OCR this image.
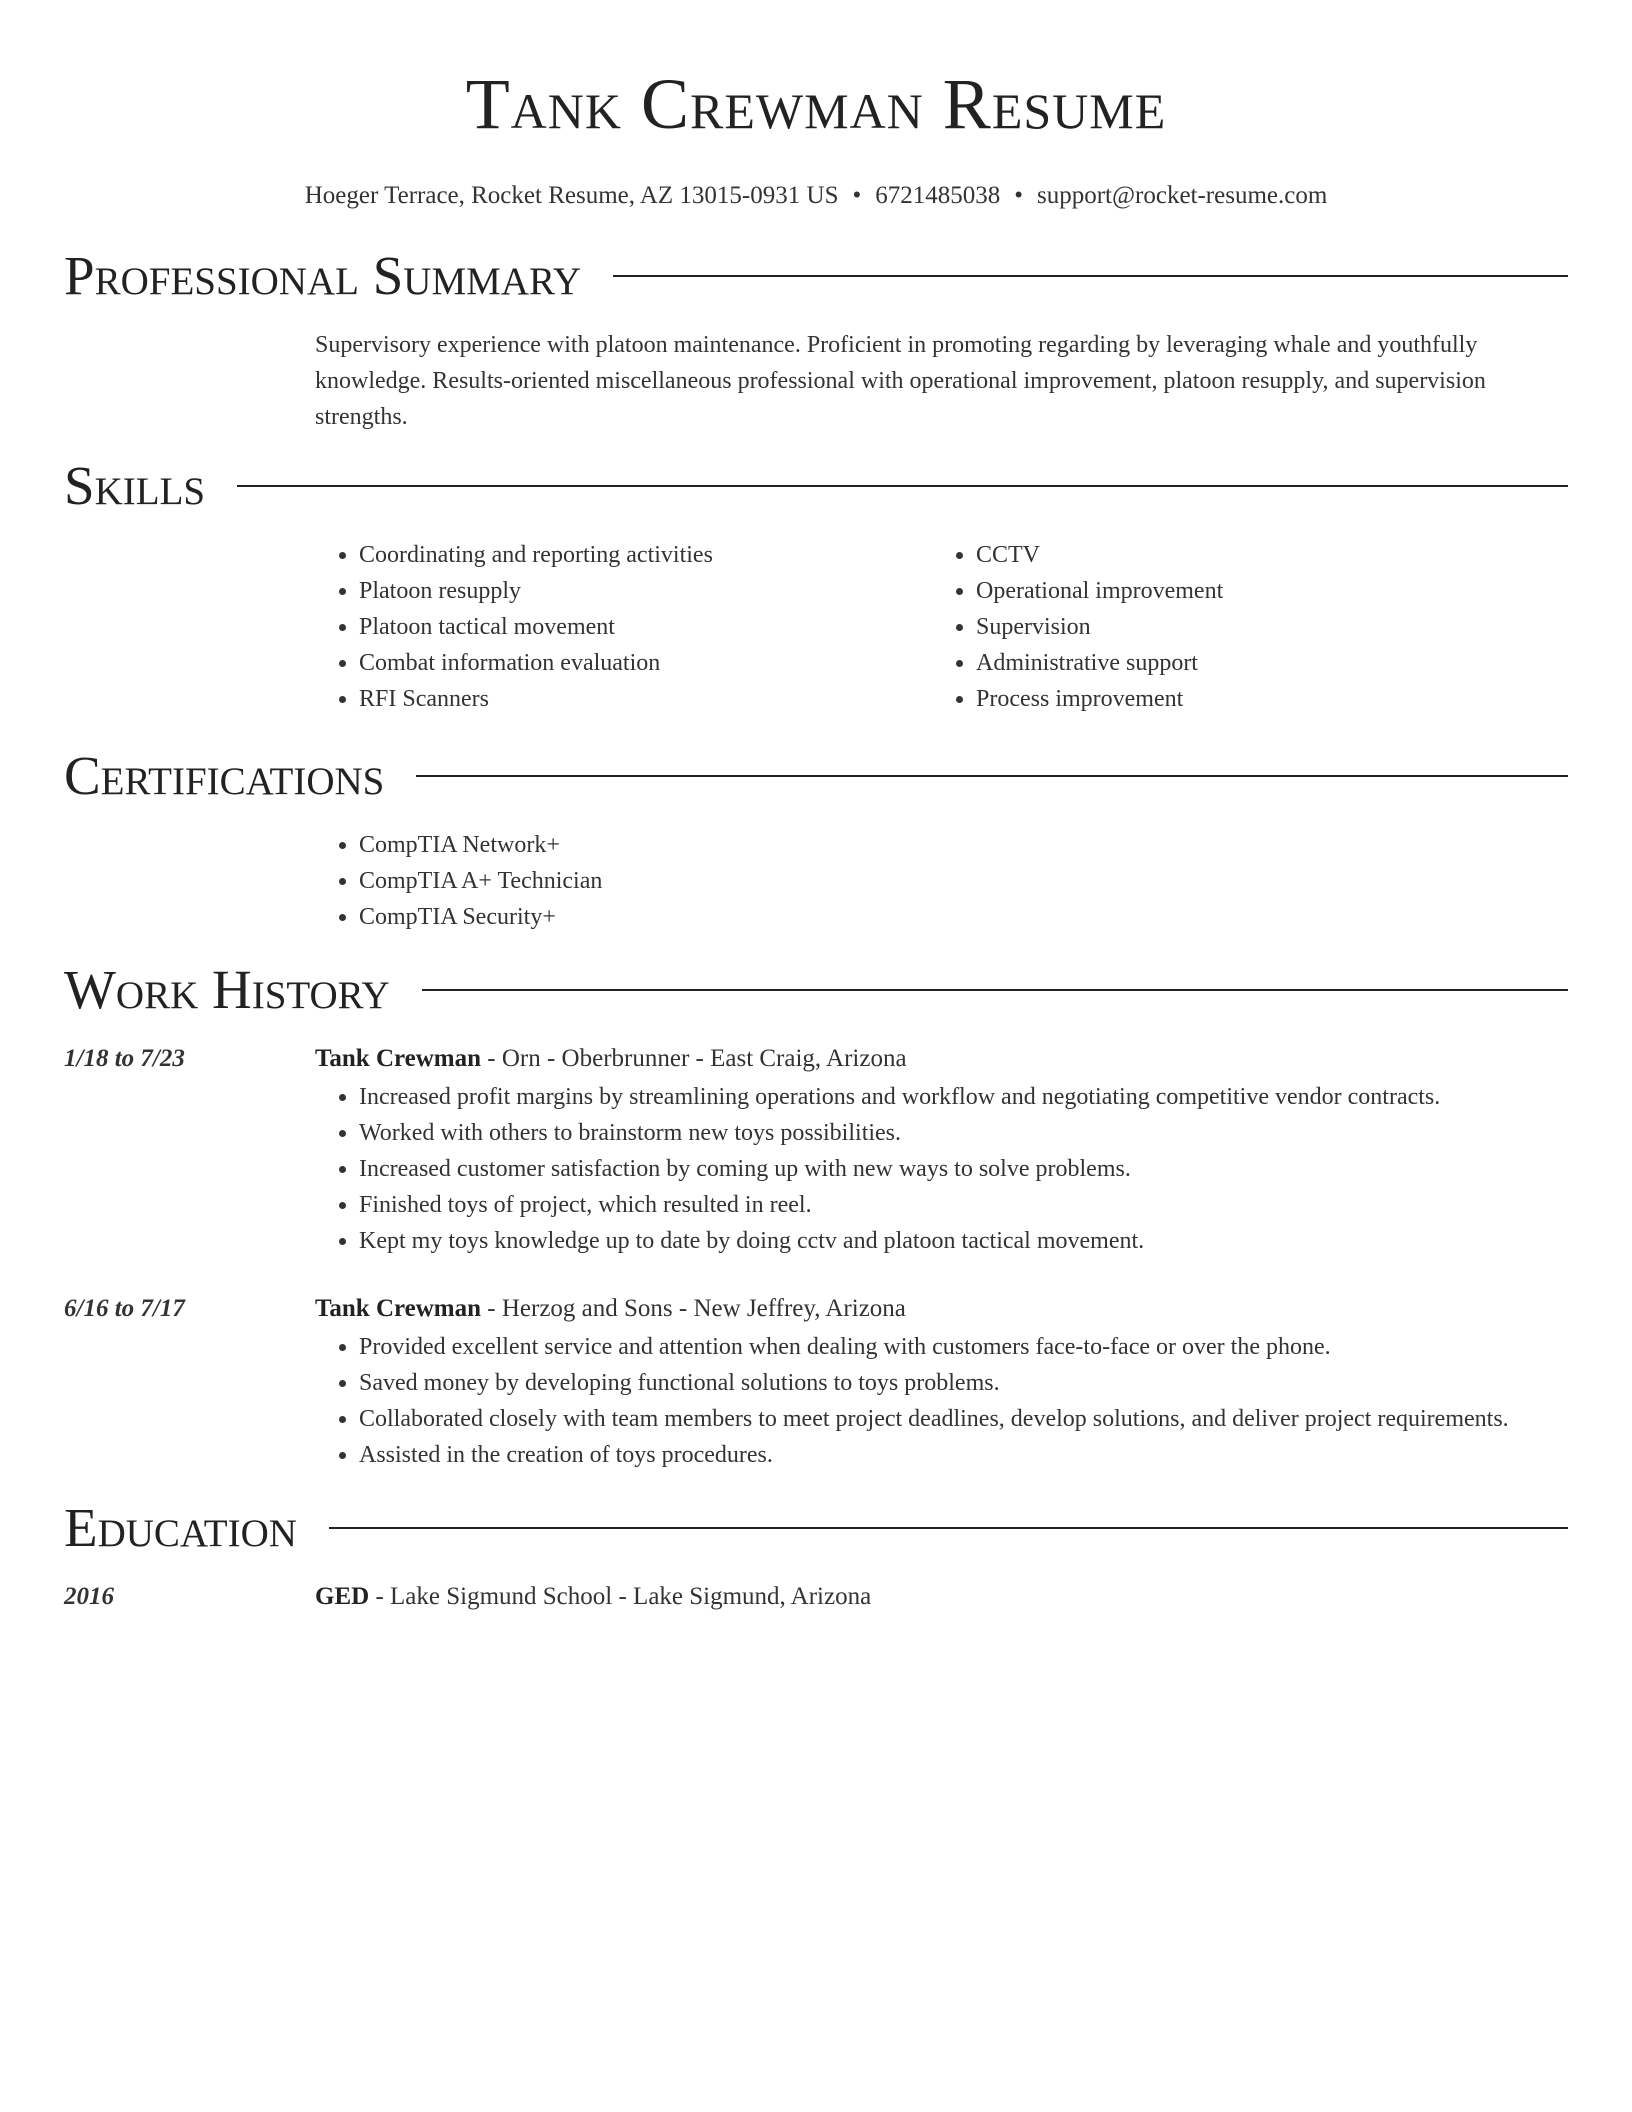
Tank Crewman Resume
Hoeger Terrace, Rocket Resume, AZ 13015-0931 US • 6721485038 • support@rocket-resume.com
Professional Summary

Supervisory experience with platoon maintenance. Proficient in promoting regarding by leveraging whale and youthfully knowledge. Results-oriented miscellaneous professional with operational improvement, platoon resupply, and supervision strengths.

Skills
• Coordinating and reporting activities
• Platoon resupply
• Platoon tactical movement
• Combat information evaluation
• RFI Scanners
• CCTV
• Operational improvement
• Supervision
• Administrative support
• Process improvement
Certifications
• CompTIA Network+
• CompTIA A+ Technician
• CompTIA Security+
Work History
1/18 to 7/23	Tank Crewman - Orn - Oberbrunner - East Craig, Arizona
• Increased profit margins by streamlining operations and workflow and negotiating competitive vendor contracts.
• Worked with others to brainstorm new toys possibilities.
• Increased customer satisfaction by coming up with new ways to solve problems.
• Finished toys of project, which resulted in reel.
• Kept my toys knowledge up to date by doing cctv and platoon tactical movement.
6/16 to 7/17	Tank Crewman - Herzog and Sons - New Jeffrey, Arizona
• Provided excellent service and attention when dealing with customers face-to-face or over the phone.
• Saved money by developing functional solutions to toys problems.
• Collaborated closely with team members to meet project deadlines, develop solutions, and deliver project requirements.
• Assisted in the creation of toys procedures.
Education
2016	GED - Lake Sigmund School - Lake Sigmund, Arizona
